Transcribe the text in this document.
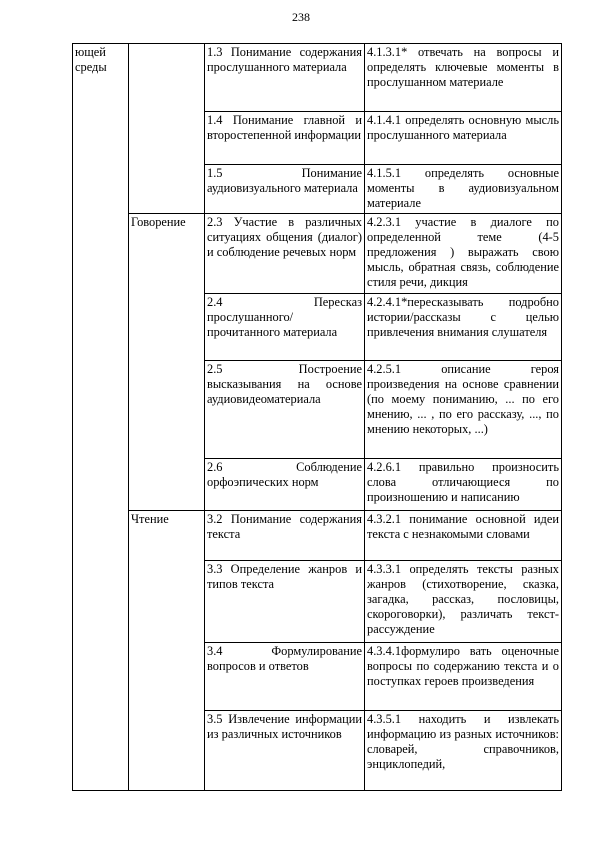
238
ющей
среды		1.3 Понимание содержания прослушанного материала	4.1.3.1* отвечать на вопросы и определять ключевые моменты в прослушанном материале
		1.4 Понимание главной и второстепенной информации	4.1.4.1 определять основную мысль прослушанного материала
		1.5 Понимание аудиовизуального материала	4.1.5.1 определять основные моменты в аудиовизуальном материале
	Говорение	2.3 Участие в различных ситуациях общения (диалог) и соблюдение речевых норм	4.2.3.1 участие в диалоге по определенной теме (4-5 предложения ) выражать свою мысль, обратная связь, соблюдение стиля речи, дикция
		2.4 Пересказ прослушанного/прочитанного материала	4.2.4.1*пересказывать подробно истории/рассказы с целью привлечения внимания слушателя
		2.5 Построение высказывания на основе аудиовидеоматериала	4.2.5.1 описание героя произведения на основе сравнении (по моему пониманию, ... по его мнению, ... , по его рассказу, ..., по мнению некоторых, ...)
		2.6 Соблюдение орфоэпических норм	4.2.6.1 правильно произносить слова отличающиеся по произношению и написанию
	Чтение	3.2 Понимание содержания текста	4.3.2.1 понимание основной идеи текста с незнакомыми словами
		3.3 Определение жанров и типов текста	4.3.3.1 определять тексты разных жанров (стихотворение, сказка, загадка, рассказ, пословицы, скороговорки), различать текст-рассуждение
		3.4 Формулирование вопросов и ответов	4.3.4.1формулиро вать оценочные вопросы по содержанию текста и о поступках героев произведения
		3.5 Извлечение информации из различных источников	4.3.5.1 находить и извлекать информацию из разных источников: словарей, справочников, энциклопедий,
